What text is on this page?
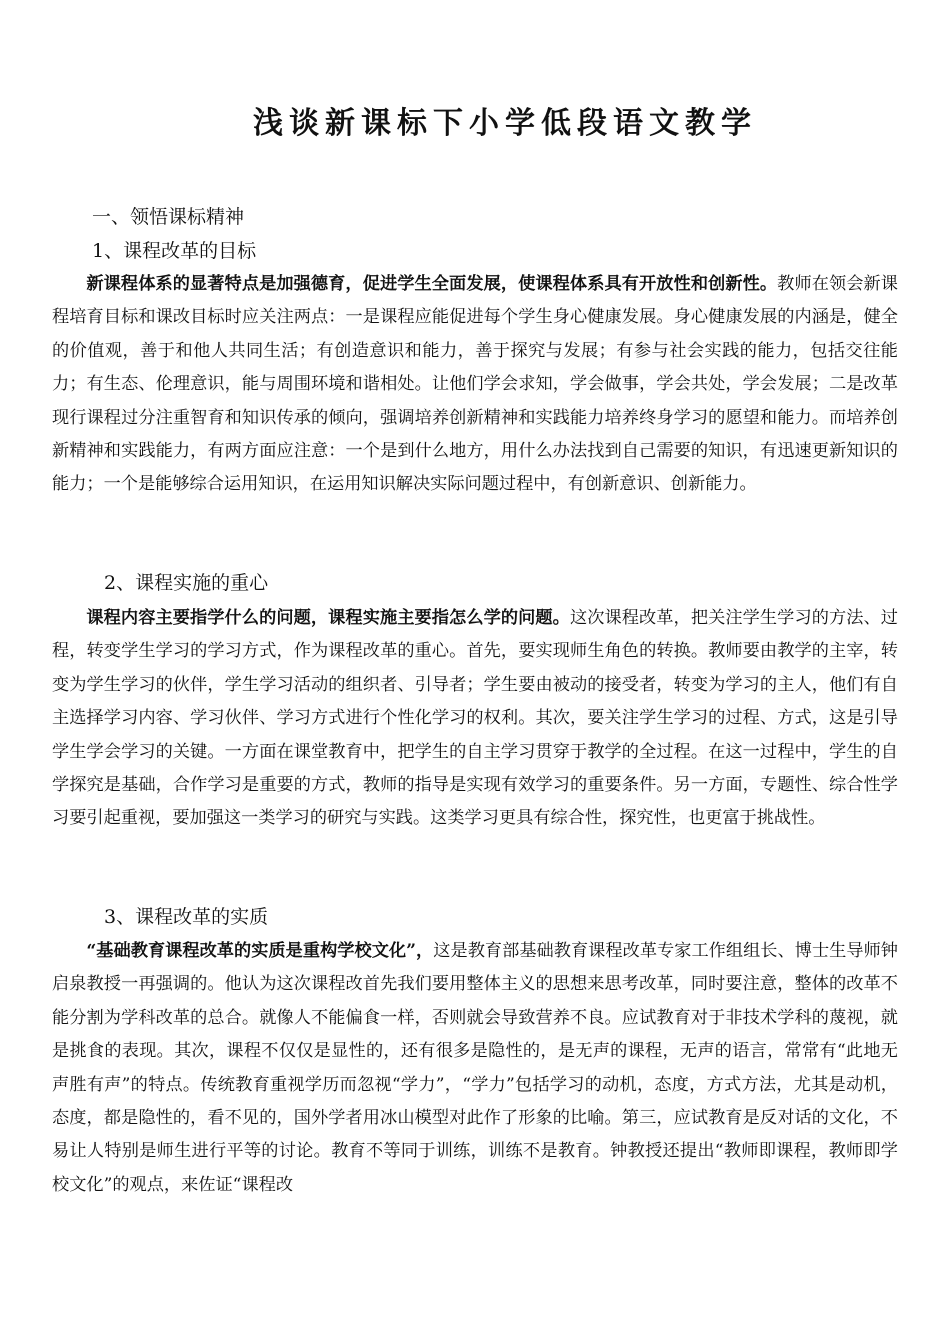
浅谈新课标下小学低段语文教学
一、领悟课标精神
1、课程改革的目标

新课程体系的显著特点是加强德育，促进学生全面发展，使课程体系具有开放性和创新性。教师在领会新课程培育目标和课改目标时应关注两点：一是课程应能促进每个学生身心健康发展。身心健康发展的内涵是，健全的价值观，善于和他人共同生活；有创造意识和能力，善于探究与发展；有参与社会实践的能力，包括交往能力；有生态、伦理意识，能与周围环境和谐相处。让他们学会求知，学会做事，学会共处，学会发展；二是改革现行课程过分注重智育和知识传承的倾向，强调培养创新精神和实践能力培养终身学习的愿望和能力。而培养创新精神和实践能力，有两方面应注意：一个是到什么地方，用什么办法找到自己需要的知识，有迅速更新知识的能力；一个是能够综合运用知识，在运用知识解决实际问题过程中，有创新意识、创新能力。

2、课程实施的重心

课程内容主要指学什么的问题，课程实施主要指怎么学的问题。这次课程改革，把关注学生学习的方法、过程，转变学生学习的学习方式，作为课程改革的重心。首先，要实现师生角色的转换。教师要由教学的主宰，转变为学生学习的伙伴，学生学习活动的组织者、引导者；学生要由被动的接受者，转变为学习的主人，他们有自主选择学习内容、学习伙伴、学习方式进行个性化学习的权利。其次，要关注学生学习的过程、方式，这是引导学生学会学习的关键。一方面在课堂教育中，把学生的自主学习贯穿于教学的全过程。在这一过程中，学生的自学探究是基础，合作学习是重要的方式，教师的指导是实现有效学习的重要条件。另一方面，专题性、综合性学习要引起重视，要加强这一类学习的研究与实践。这类学习更具有综合性，探究性，也更富于挑战性。

3、课程改革的实质

“基础教育课程改革的实质是重构学校文化”，这是教育部基础教育课程改革专家工作组组长、博士生导师钟启泉教授一再强调的。他认为这次课程改首先我们要用整体主义的思想来思考改革，同时要注意，整体的改革不能分割为学科改革的总合。就像人不能偏食一样，否则就会导致营养不良。应试教育对于非技术学科的蔑视，就是挑食的表现。其次，课程不仅仅是显性的，还有很多是隐性的，是无声的课程，无声的语言，常常有“此地无声胜有声”的特点。传统教育重视学历而忽视“学力”，“学力”包括学习的动机，态度，方式方法，尤其是动机，态度，都是隐性的，看不见的，国外学者用冰山模型对此作了形象的比喻。第三，应试教育是反对话的文化，不易让人特别是师生进行平等的讨论。教育不等同于训练，训练不是教育。钟教授还提出“教师即课程，教师即学校文化”的观点，来佐证“课程改
